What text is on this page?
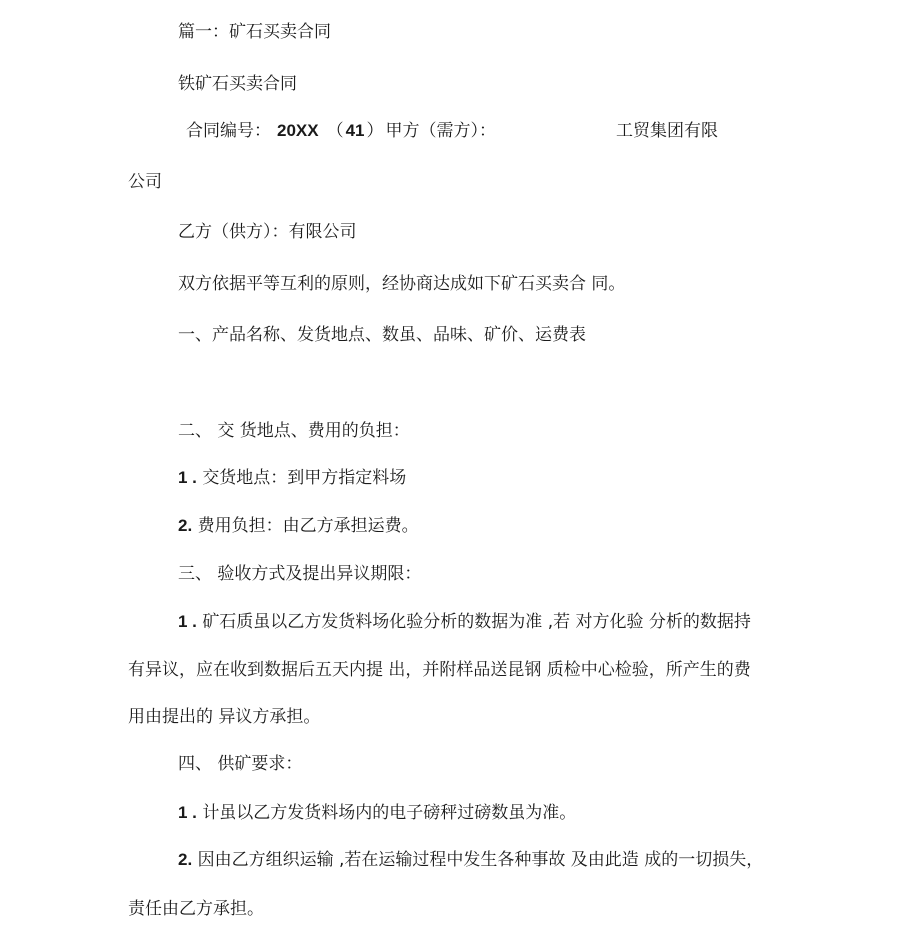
篇一：矿石买卖合同
铁矿石买卖合同
合同编号： 20XX （ 41 ） 甲方（需方）：	工贸集团有限
公司
乙方（供方）：有限公司
双方依据平等互利的原则，经协商达成如下矿石买卖合 同。
一、产品名称、发货地点、数虽、品味、矿价、运费表
二、 交 货地点、费用的负担：
1 . 交货地点：到甲方指定料场
2. 费用负担：由乙方承担运费。
三、 验收方式及提出异议期限：
1 . 矿石质虽以乙方发货料场化验分析的数据为准 ,若 对方化验 分析的数据持
有异议，应在收到数据后五天内提 出，并附样品送昆钢 质检中心检验，所产生的费
用由提出的 异议方承担。
四、 供矿要求：
1 . 计虽以乙方发货料场内的电子磅秤过磅数虽为准。
2. 因由乙方组织运输 ,若在运输过程中发生各种事故 及由此造 成的一切损失，
责任由乙方承担。
